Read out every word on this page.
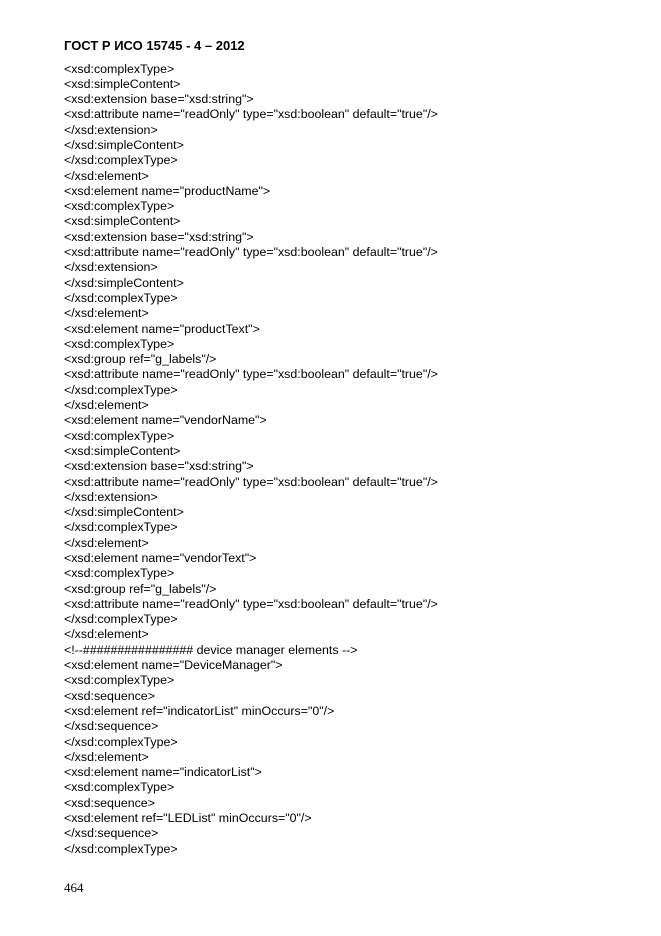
ГОСТ Р ИСО 15745 - 4 – 2012
<xsd:complexType>
<xsd:simpleContent>
<xsd:extension base="xsd:string">
<xsd:attribute name="readOnly" type="xsd:boolean" default="true"/>
</xsd:extension>
</xsd:simpleContent>
</xsd:complexType>
</xsd:element>
<xsd:element name="productName">
<xsd:complexType>
<xsd:simpleContent>
<xsd:extension base="xsd:string">
<xsd:attribute name="readOnly" type="xsd:boolean" default="true"/>
</xsd:extension>
</xsd:simpleContent>
</xsd:complexType>
</xsd:element>
<xsd:element name="productText">
<xsd:complexType>
<xsd:group ref="g_labels"/>
<xsd:attribute name="readOnly" type="xsd:boolean" default="true"/>
</xsd:complexType>
</xsd:element>
<xsd:element name="vendorName">
<xsd:complexType>
<xsd:simpleContent>
<xsd:extension base="xsd:string">
<xsd:attribute name="readOnly" type="xsd:boolean" default="true"/>
</xsd:extension>
</xsd:simpleContent>
</xsd:complexType>
</xsd:element>
<xsd:element name="vendorText">
<xsd:complexType>
<xsd:group ref="g_labels"/>
<xsd:attribute name="readOnly" type="xsd:boolean" default="true"/>
</xsd:complexType>
</xsd:element>
<!--################ device manager elements -->
<xsd:element name="DeviceManager">
<xsd:complexType>
<xsd:sequence>
<xsd:element ref="indicatorList" minOccurs="0"/>
</xsd:sequence>
</xsd:complexType>
</xsd:element>
<xsd:element name="indicatorList">
<xsd:complexType>
<xsd:sequence>
<xsd:element ref="LEDList" minOccurs="0"/>
</xsd:sequence>
</xsd:complexType>
464
